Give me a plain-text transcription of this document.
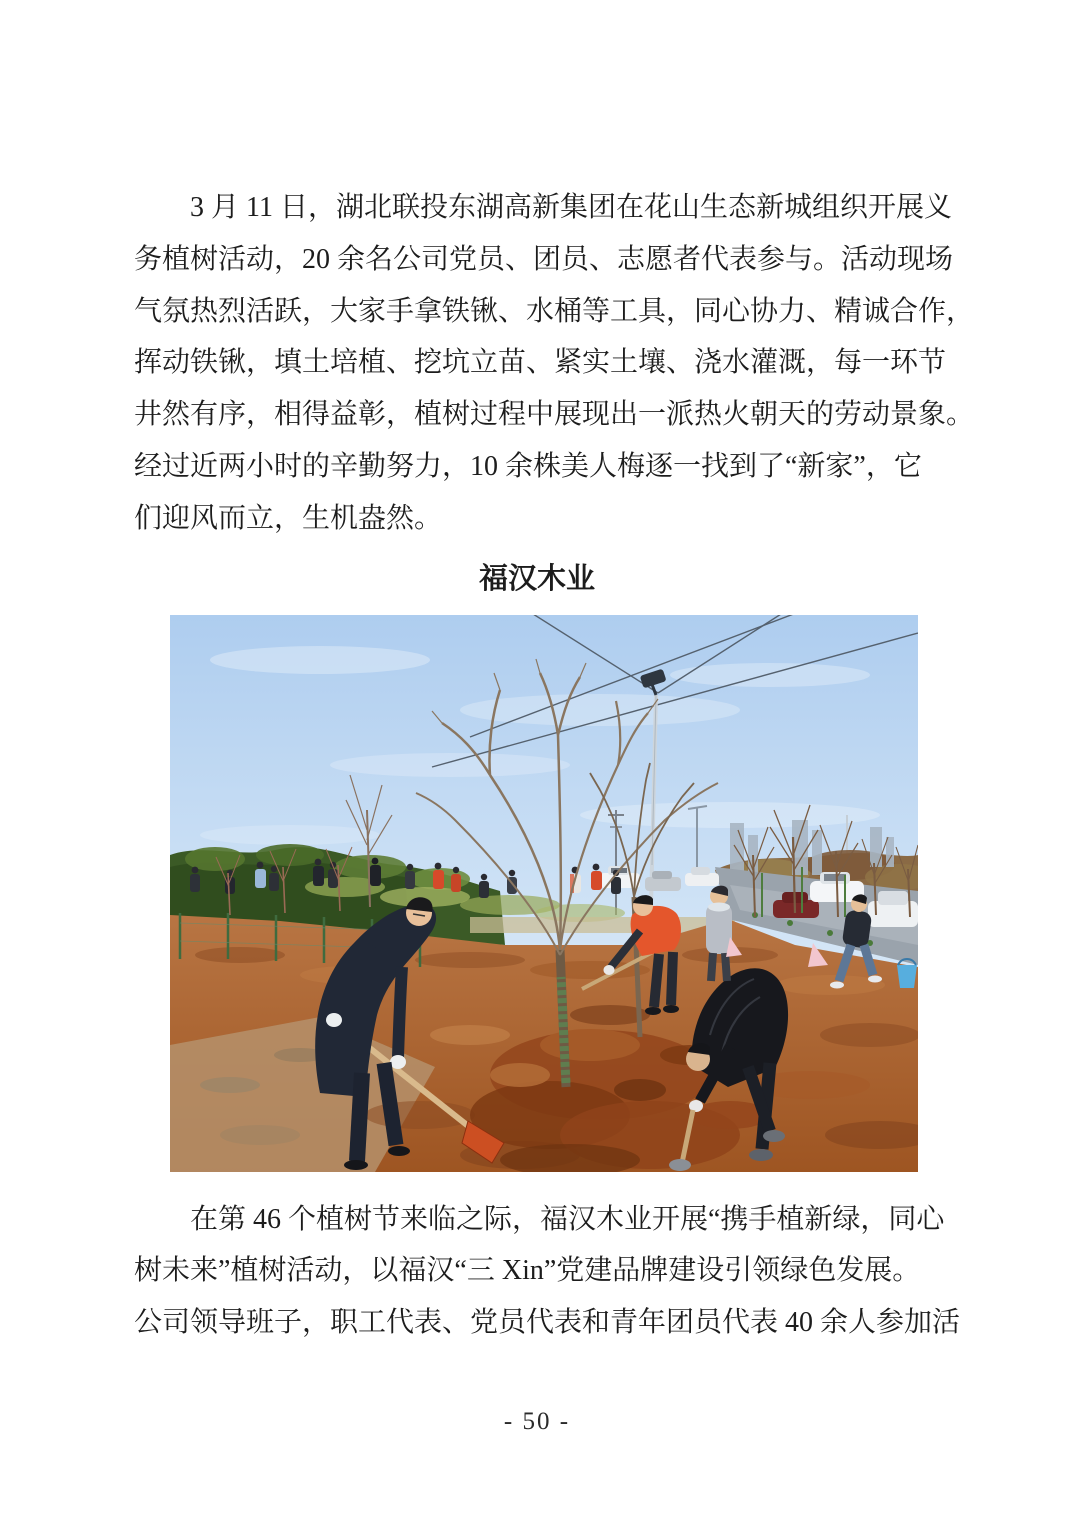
3 月 11 日，湖北联投东湖高新集团在花山生态新城组织开展义
务植树活动，20 余名公司党员、团员、志愿者代表参与。活动现场
气氛热烈活跃，大家手拿铁锹、水桶等工具，同心协力、精诚合作，
挥动铁锹，填土培植、挖坑立苗、紧实土壤、浇水灌溉，每一环节
井然有序，相得益彰，植树过程中展现出一派热火朝天的劳动景象。
经过近两小时的辛勤努力，10 余株美人梅逐一找到了“新家”，它
们迎风而立，生机盎然。
福汉木业
在第 46 个植树节来临之际，福汉木业开展“携手植新绿，同心
树未来”植树活动，以福汉“三 Xin”党建品牌建设引领绿色发展。
公司领导班子，职工代表、党员代表和青年团员代表 40 余人参加活
- 50 -
